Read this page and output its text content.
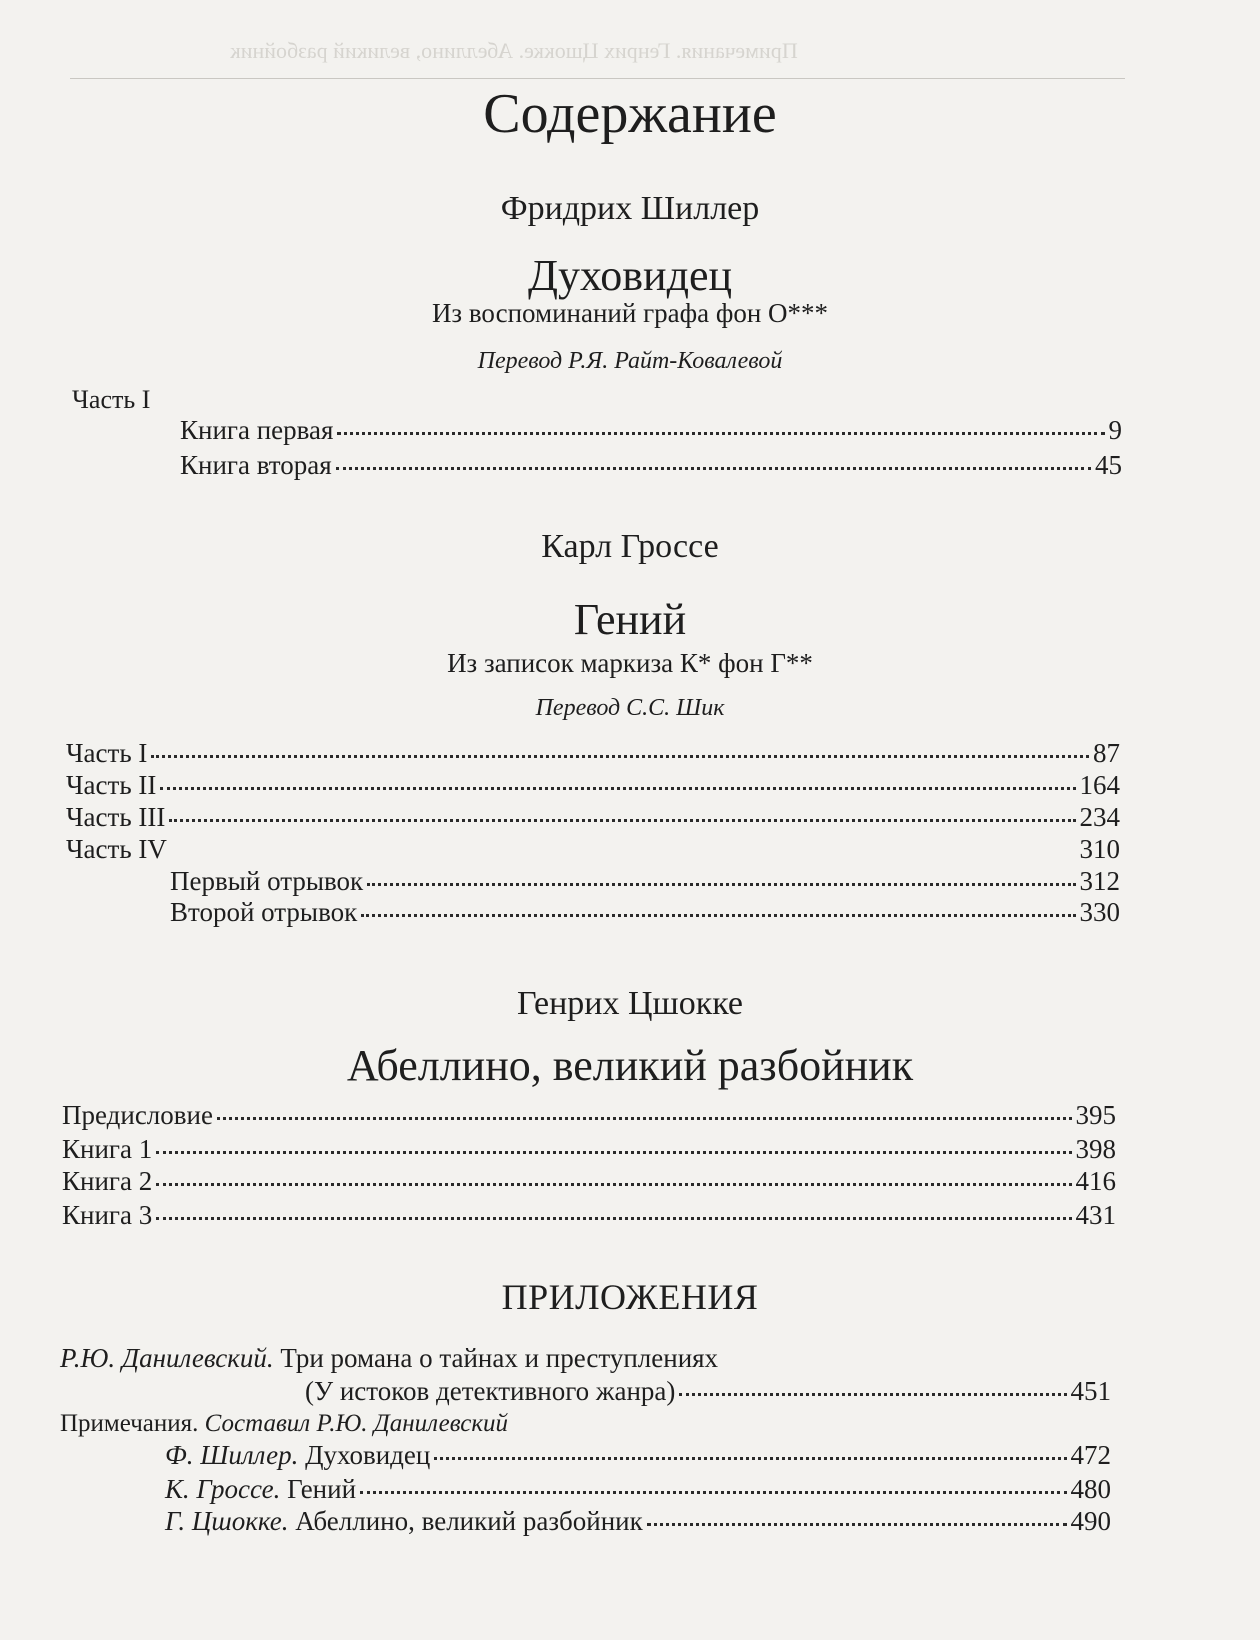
Примечания. Генрих Цшокке. Абеллино, великий разбойник
Содержание
Фридрих Шиллер
Духовидец
Из воспоминаний графа фон О***
Перевод Р.Я. Райт-Ковалевой
Часть I
Книга первая	9
Книга вторая	45
Карл Гроссе
Гений
Из записок маркиза К* фон Г**
Перевод С.С. Шик
Часть I	87
Часть II	164
Часть III	234
Часть IV	310
Первый отрывок	312
Второй отрывок	330
Генрих Цшокке
Абеллино, великий разбойник
Предисловие	395
Книга 1	398
Книга 2	416
Книга 3	431
ПРИЛОЖЕНИЯ
Р.Ю. Данилевский. Три романа о тайнах и преступлениях
(У истоков детективного жанра)	451
Примечания. Составил Р.Ю. Данилевский
Ф. Шиллер. Духовидец	472
К. Гроссе. Гений	480
Г. Цшокке. Абеллино, великий разбойник	490
